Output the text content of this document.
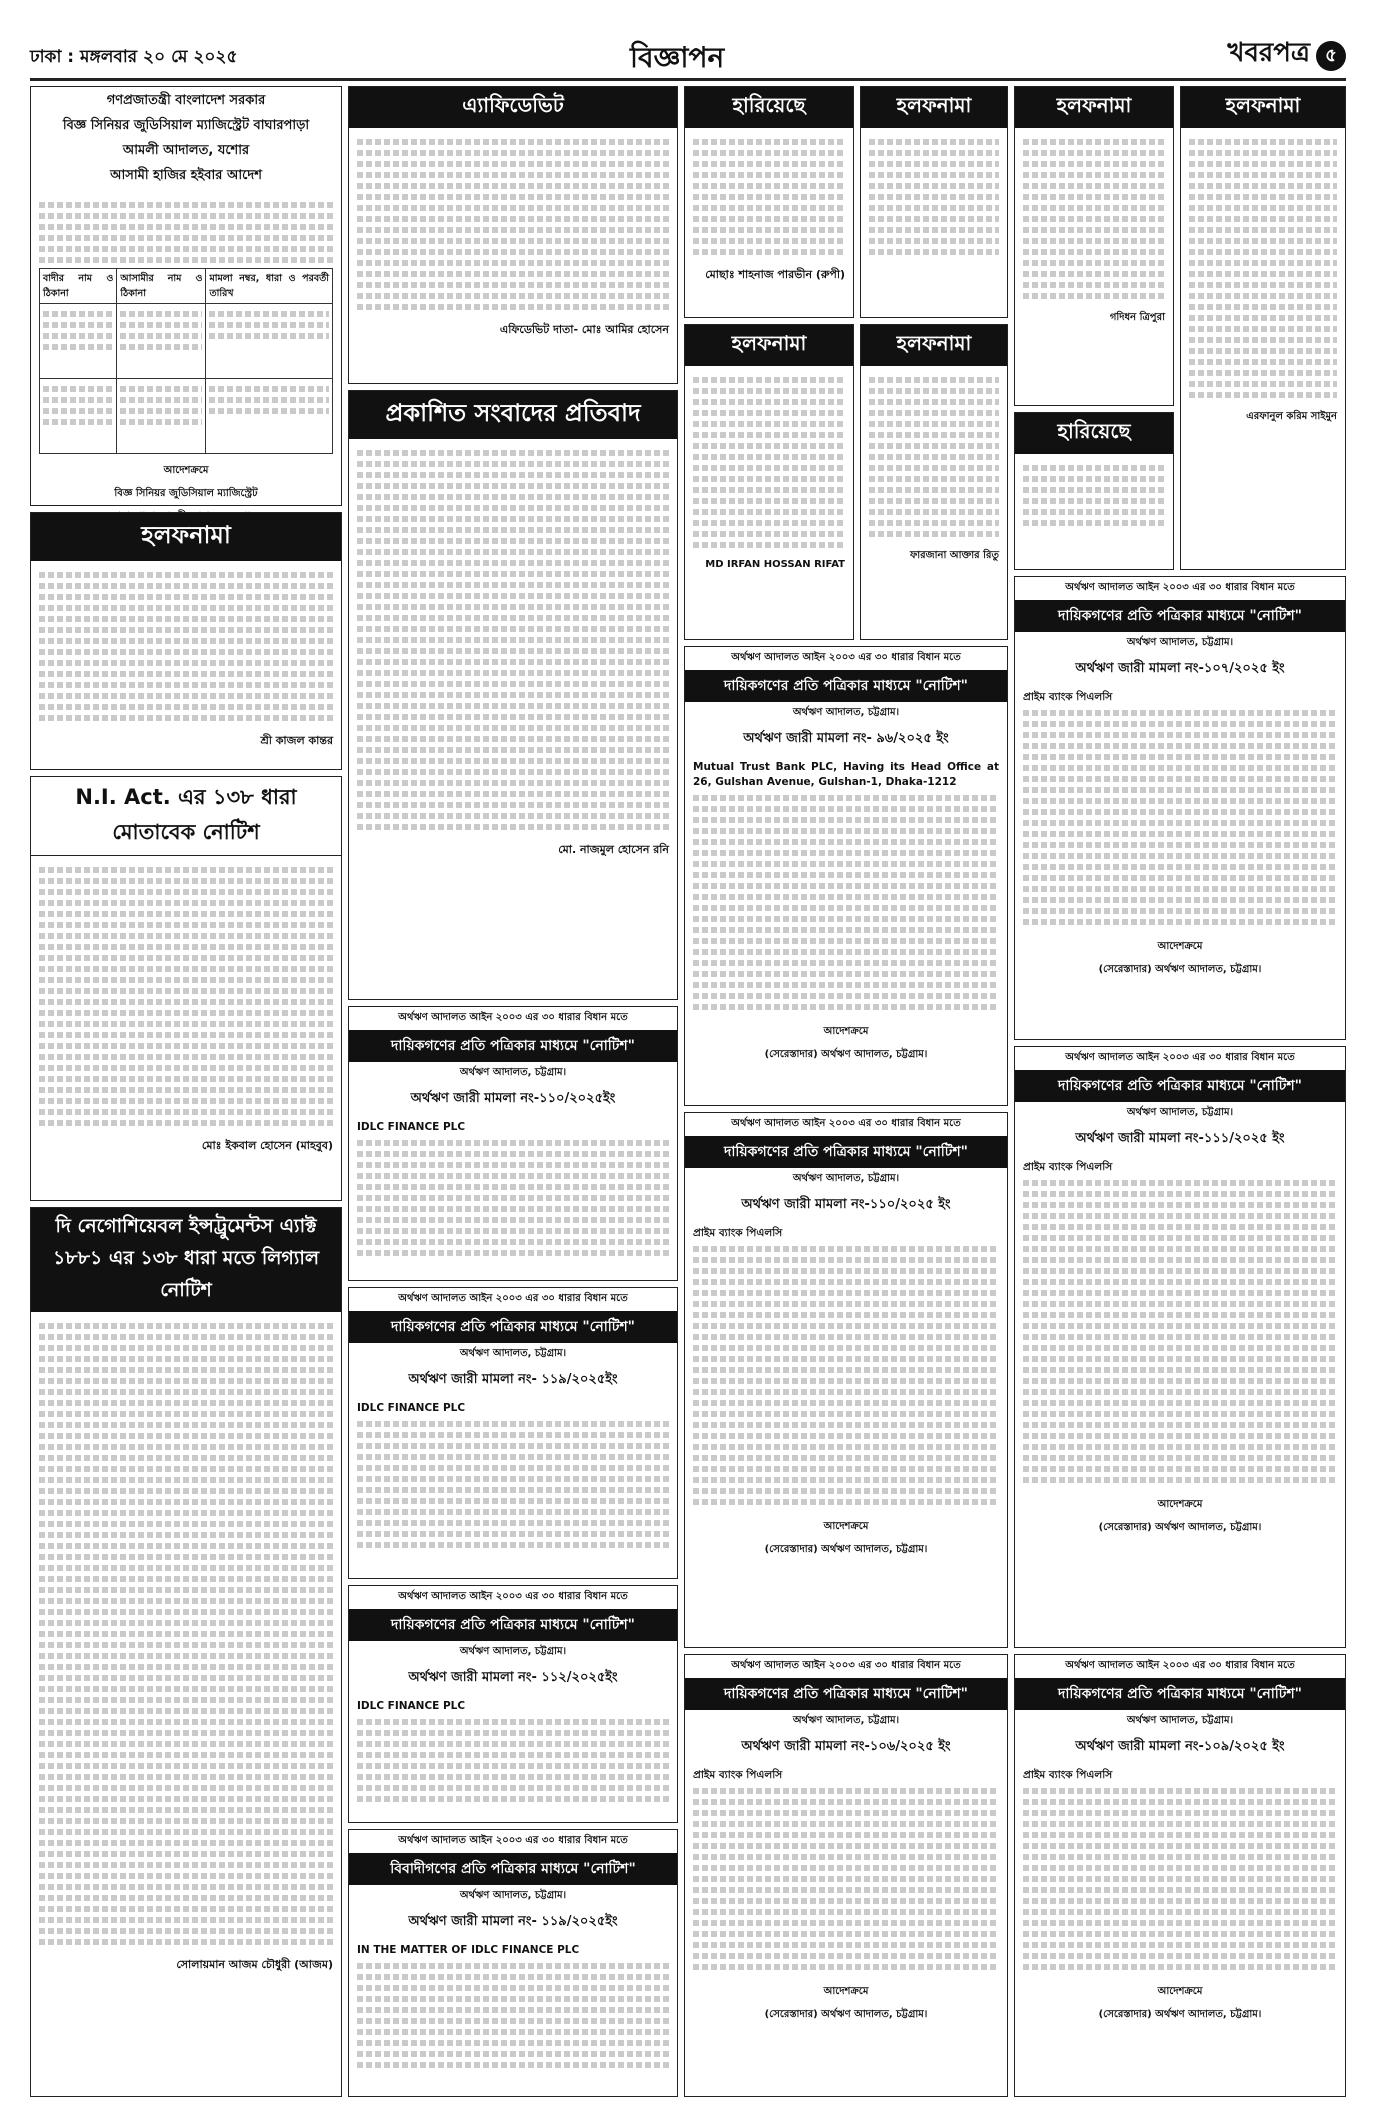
ঢাকা : মঙ্গলবার ২০ মে ২০২৫	বিজ্ঞাপন	খবরপত্র ৫
গণপ্রজাতন্ত্রী বাংলাদেশ সরকার
বিজ্ঞ সিনিয়র জুডিসিয়াল ম্যাজিস্ট্রেট বাঘারপাড়া
আমলী আদালত, যশোর
আসামী হাজির হইবার আদেশ
বাদীর নাম ও ঠিকানা	আসামীর নাম ও ঠিকানা	মামলা নম্বর, ধারা ও পরবর্তী তারিখ

আদেশক্রমে
বিজ্ঞ সিনিয়র জুডিসিয়াল ম্যাজিস্ট্রেট
হলফনামা
শ্রী কাজল কান্তর
N.I. Act. এর ১৩৮ ধারা মোতাবেক নোটিশ
মোঃ ইকবাল হোসেন (মাহবুব)
দি নেগোশিয়েবল ইন্সট্রুমেন্টস এ্যাক্ট ১৮৮১ এর ১৩৮ ধারা মতে লিগ্যাল নোটিশ
সোলায়মান আজম চৌধুরী (আজম)
এ্যাফিডেভিট
এফিডেভিট দাতা- মোঃ আমির হোসেন
প্রকাশিত সংবাদের প্রতিবাদ
মো. নাজমুল হোসেন রনি
অর্থঋণ আদালত আইন ২০০৩ এর ৩০ ধারার বিধান মতে
দায়িকগণের প্রতি পত্রিকার মাধ্যমে "নোটিশ"
অর্থঋণ আদালত, চট্টগ্রাম।
অর্থঋণ জারী মামলা নং-১১০/২০২৫ইং
IDLC FINANCE PLC
অর্থঋণ আদালত আইন ২০০৩ এর ৩০ ধারার বিধান মতে
দায়িকগণের প্রতি পত্রিকার মাধ্যমে "নোটিশ"
অর্থঋণ আদালত, চট্টগ্রাম।
অর্থঋণ জারী মামলা নং- ১১৯/২০২৫ইং
IDLC FINANCE PLC
অর্থঋণ আদালত আইন ২০০৩ এর ৩০ ধারার বিধান মতে
দায়িকগণের প্রতি পত্রিকার মাধ্যমে "নোটিশ"
অর্থঋণ আদালত, চট্টগ্রাম।
অর্থঋণ জারী মামলা নং- ১১২/২০২৫ইং
IDLC FINANCE PLC
অর্থঋণ আদালত আইন ২০০৩ এর ৩০ ধারার বিধান মতে
বিবাদীগণের প্রতি পত্রিকার মাধ্যমে "নোটিশ"
অর্থঋণ আদালত, চট্টগ্রাম।
অর্থঋণ জারী মামলা নং- ১১৯/২০২৫ইং
IN THE MATTER OF IDLC FINANCE PLC
হারিয়েছে
মোছাঃ শাহনাজ পারভীন (রুপী)
হলফনামা
MD IRFAN HOSSAN RIFAT
অর্থঋণ আদালত আইন ২০০৩ এর ৩০ ধারার বিধান মতে
দায়িকগণের প্রতি পত্রিকার মাধ্যমে "নোটিশ"
অর্থঋণ আদালত, চট্টগ্রাম।
অর্থঋণ জারী মামলা নং- ৯৬/২০২৫ ইং
Mutual Trust Bank PLC, Having its Head Office at 26, Gulshan Avenue, Gulshan-1, Dhaka-1212
আদেশক্রমে
(সেরেস্তাদার) অর্থঋণ আদালত, চট্টগ্রাম।
অর্থঋণ আদালত আইন ২০০৩ এর ৩০ ধারার বিধান মতে
দায়িকগণের প্রতি পত্রিকার মাধ্যমে "নোটিশ"
অর্থঋণ আদালত, চট্টগ্রাম।
অর্থঋণ জারী মামলা নং-১১০/২০২৫ ইং
প্রাইম ব্যাংক পিএলসি
আদেশক্রমে
(সেরেস্তাদার) অর্থঋণ আদালত, চট্টগ্রাম।
অর্থঋণ আদালত আইন ২০০৩ এর ৩০ ধারার বিধান মতে
দায়িকগণের প্রতি পত্রিকার মাধ্যমে "নোটিশ"
অর্থঋণ আদালত, চট্টগ্রাম।
অর্থঋণ জারী মামলা নং-১০৬/২০২৫ ইং
প্রাইম ব্যাংক পিএলসি
আদেশক্রমে
(সেরেস্তাদার) অর্থঋণ আদালত, চট্টগ্রাম।
হলফনামা
হলফনামা
ফারজানা আক্তার রিতু
হলফনামা
গদিধন ত্রিপুরা
হারিয়েছে
হলফনামা
এরফানুল করিম সাইমুন
অর্থঋণ আদালত আইন ২০০৩ এর ৩০ ধারার বিধান মতে
দায়িকগণের প্রতি পত্রিকার মাধ্যমে "নোটিশ"
অর্থঋণ আদালত, চট্টগ্রাম।
অর্থঋণ জারী মামলা নং-১০৭/২০২৫ ইং
প্রাইম ব্যাংক পিএলসি
আদেশক্রমে
(সেরেস্তাদার) অর্থঋণ আদালত, চট্টগ্রাম।
অর্থঋণ আদালত আইন ২০০৩ এর ৩০ ধারার বিধান মতে
দায়িকগণের প্রতি পত্রিকার মাধ্যমে "নোটিশ"
অর্থঋণ আদালত, চট্টগ্রাম।
অর্থঋণ জারী মামলা নং-১১১/২০২৫ ইং
প্রাইম ব্যাংক পিএলসি
আদেশক্রমে
(সেরেস্তাদার) অর্থঋণ আদালত, চট্টগ্রাম।
অর্থঋণ আদালত আইন ২০০৩ এর ৩০ ধারার বিধান মতে
দায়িকগণের প্রতি পত্রিকার মাধ্যমে "নোটিশ"
অর্থঋণ আদালত, চট্টগ্রাম।
অর্থঋণ জারী মামলা নং-১০৯/২০২৫ ইং
প্রাইম ব্যাংক পিএলসি
আদেশক্রমে
(সেরেস্তাদার) অর্থঋণ আদালত, চট্টগ্রাম।
